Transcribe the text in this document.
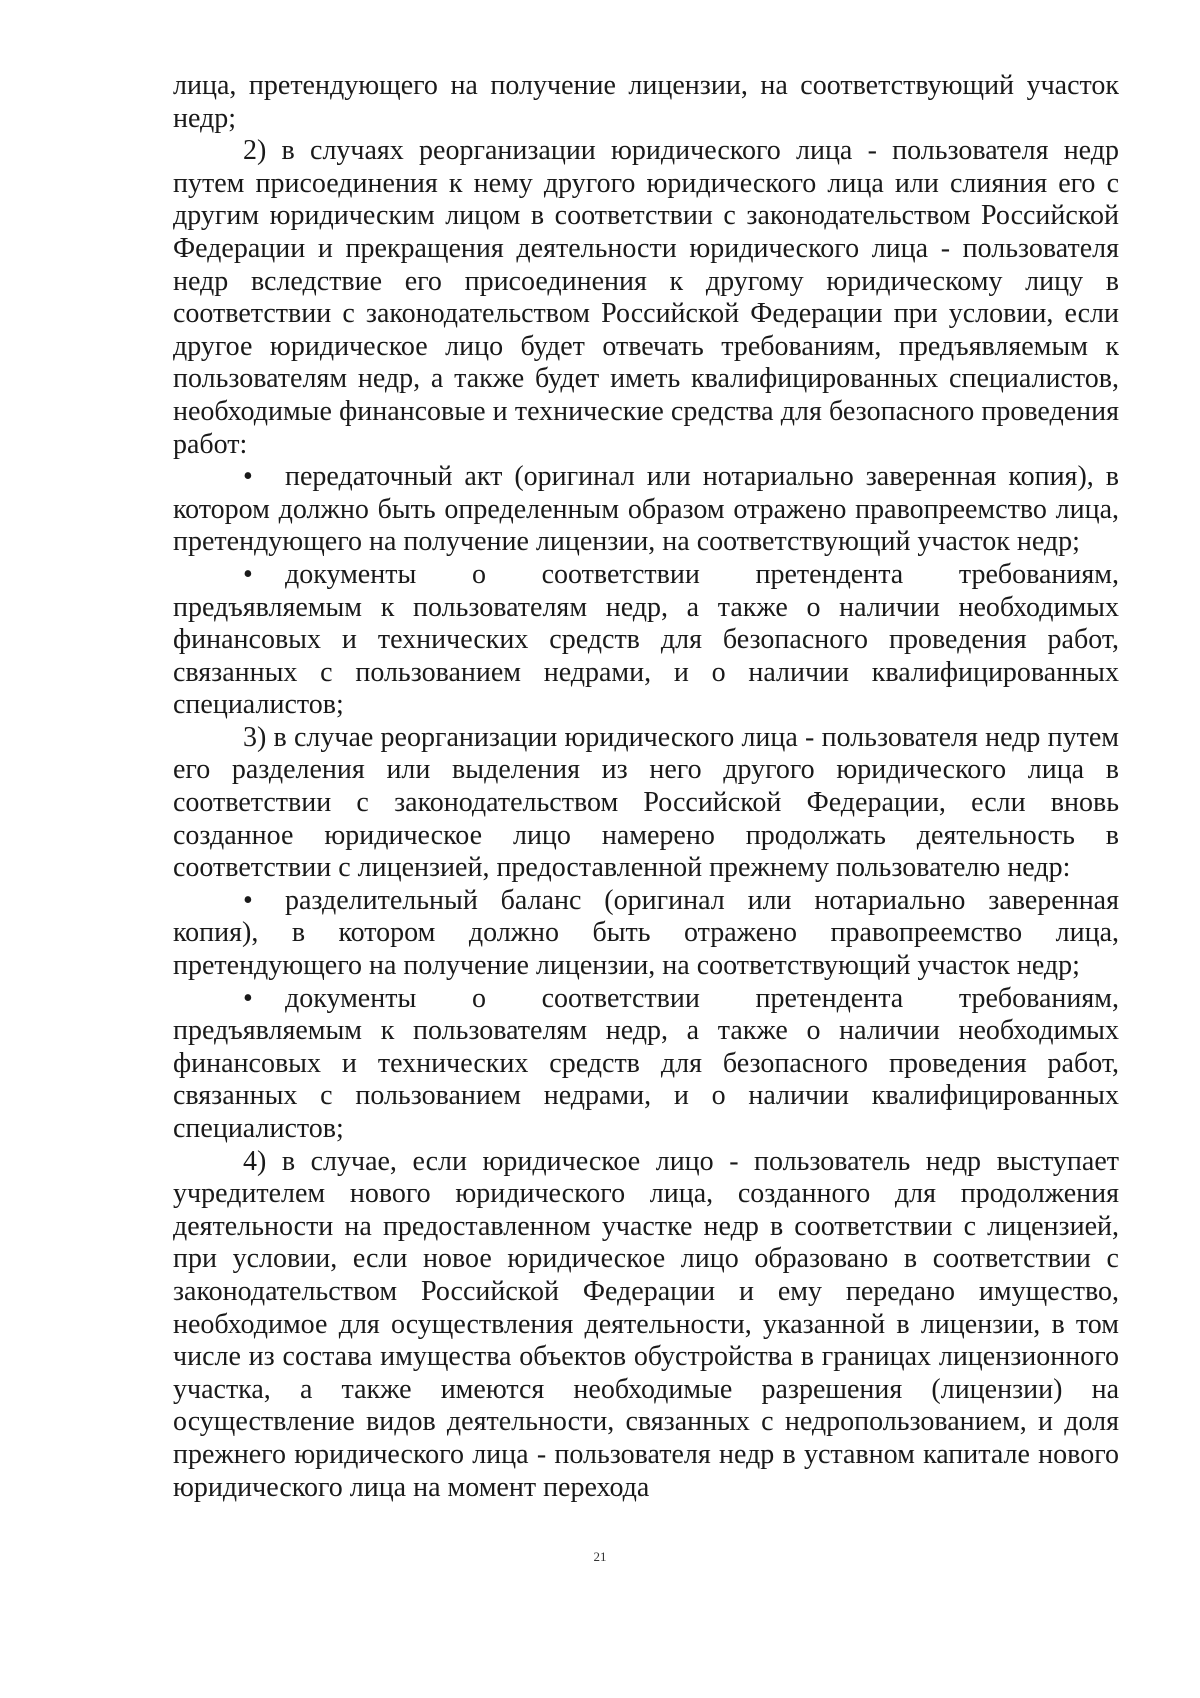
лица, претендующего на получение лицензии, на соответствующий участок недр;

2) в случаях реорганизации юридического лица - пользователя недр путем присоединения к нему другого юридического лица или слияния его с другим юридическим лицом в соответствии с законодательством Российской Федерации и прекращения деятельности юридического лица - пользователя недр вследствие его присоединения к другому юридическому лицу в соответствии с законодательством Российской Федерации при условии, если другое юридическое лицо будет отвечать требованиям, предъявляемым к пользователям недр, а также будет иметь квалифицированных специалистов, необходимые финансовые и технические средства для безопасного проведения работ:

• передаточный акт (оригинал или нотариально заверенная копия), в котором должно быть определенным образом отражено правопреемство лица, претендующего на получение лицензии, на соответствующий участок недр;

• документы о соответствии претендента требованиям, предъявляемым к пользователям недр, а также о наличии необходимых финансовых и технических средств для безопасного проведения работ, связанных с пользованием недрами, и о наличии квалифицированных специалистов;

3) в случае реорганизации юридического лица - пользователя недр путем его разделения или выделения из него другого юридического лица в соответствии с законодательством Российской Федерации, если вновь созданное юридическое лицо намерено продолжать деятельность в соответствии с лицензией, предоставленной прежнему пользователю недр:

• разделительный баланс (оригинал или нотариально заверенная копия), в котором должно быть отражено правопреемство лица, претендующего на получение лицензии, на соответствующий участок недр;

• документы о соответствии претендента требованиям, предъявляемым к пользователям недр, а также о наличии необходимых финансовых и технических средств для безопасного проведения работ, связанных с пользованием недрами, и о наличии квалифицированных специалистов;

4) в случае, если юридическое лицо - пользователь недр выступает учредителем нового юридического лица, созданного для продолжения деятельности на предоставленном участке недр в соответствии с лицензией, при условии, если новое юридическое лицо образовано в соответствии с законодательством Российской Федерации и ему передано имущество, необходимое для осуществления деятельности, указанной в лицензии, в том числе из состава имущества объектов обустройства в границах лицензионного участка, а также имеются необходимые разрешения (лицензии) на осуществление видов деятельности, связанных с недропользованием, и доля прежнего юридического лица - пользователя недр в уставном капитале нового юридического лица на момент перехода

21
